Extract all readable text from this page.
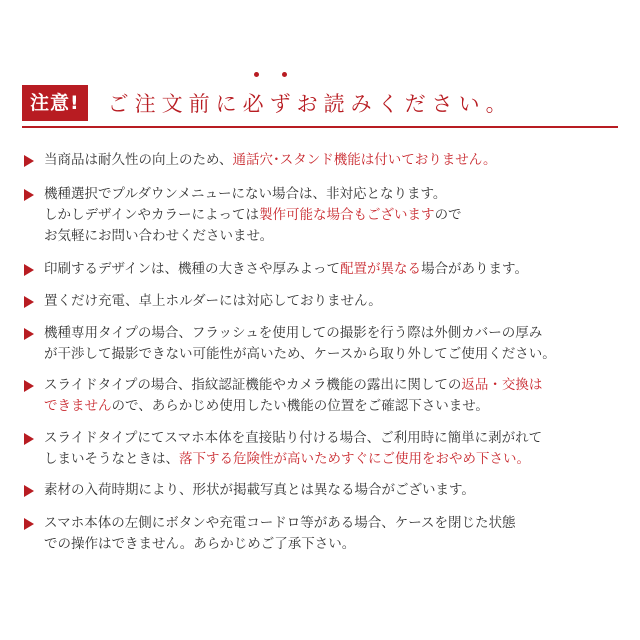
注意!	ご注文前に必ずお読みください。
当商品は耐久性の向上のため、通話穴･スタンド機能は付いておりません。
機種選択でプルダウンメニューにない場合は、非対応となります。
しかしデザインやカラーによっては製作可能な場合もございますので
お気軽にお問い合わせくださいませ。
印刷するデザインは、機種の大きさや厚みよって配置が異なる場合があります。
置くだけ充電、卓上ホルダーには対応しておりません。
機種専用タイプの場合、フラッシュを使用しての撮影を行う際は外側カバーの厚み
が干渉して撮影できない可能性が高いため、ケースから取り外してご使用ください。
スライドタイプの場合、指紋認証機能やカメラ機能の露出に関しての返品・交換は
できませんので、あらかじめ使用したい機能の位置をご確認下さいませ。
スライドタイプにてスマホ本体を直接貼り付ける場合、ご利用時に簡単に剥がれて
しまいそうなときは、落下する危険性が高いためすぐにご使用をおやめ下さい。
素材の入荷時期により、形状が掲載写真とは異なる場合がございます。
スマホ本体の左側にボタンや充電コードロ等がある場合、ケースを閉じた状態
での操作はできません。あらかじめご了承下さい。
